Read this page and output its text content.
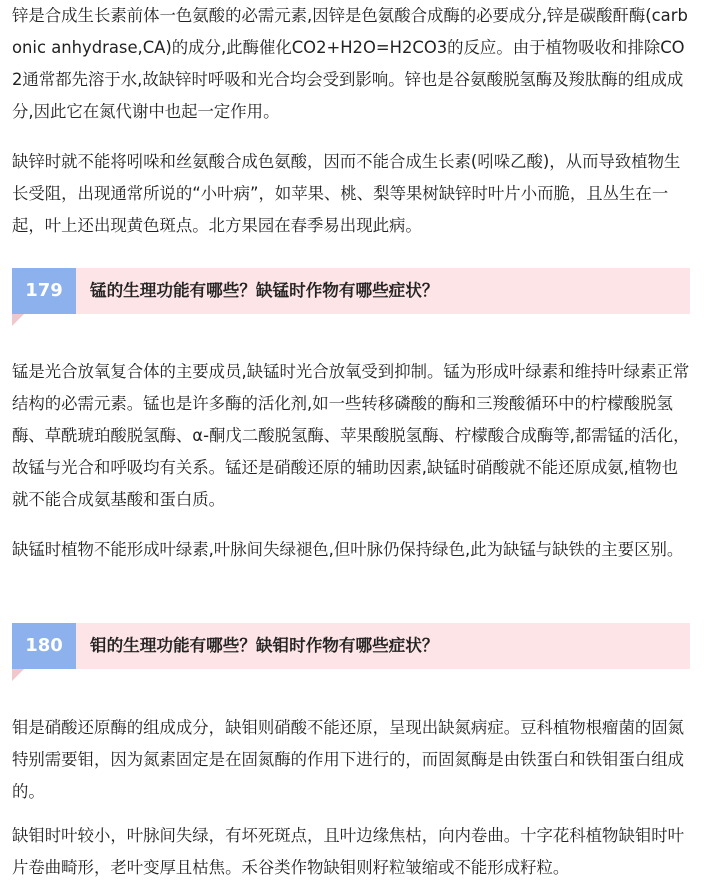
锌是合成生长素前体一色氨酸的必需元素,因锌是色氨酸合成酶的必要成分,锌是碳酸酐酶(carbonic anhydrase,CA)的成分,此酶催化CO2+H2O=H2CO3的反应。由于植物吸收和排除CO2通常都先溶于水,故缺锌时呼吸和光合均会受到影响。锌也是谷氨酸脱氢酶及羧肽酶的组成成分,因此它在氮代谢中也起一定作用。

缺锌时就不能将吲哚和丝氨酸合成色氨酸，因而不能合成生长素(吲哚乙酸)，从而导致植物生长受阻，出现通常所说的“小叶病”，如苹果、桃、梨等果树缺锌时叶片小而脆，且丛生在一起，叶上还出现黄色斑点。北方果园在春季易出现此病。

179	锰的生理功能有哪些？缺锰时作物有哪些症状？

锰是光合放氧复合体的主要成员,缺锰时光合放氧受到抑制。锰为形成叶绿素和维持叶绿素正常结构的必需元素。锰也是许多酶的活化剂,如一些转移磷酸的酶和三羧酸循环中的柠檬酸脱氢酶、草酰琥珀酸脱氢酶、α-酮戊二酸脱氢酶、苹果酸脱氢酶、柠檬酸合成酶等,都需锰的活化，故锰与光合和呼吸均有关系。锰还是硝酸还原的辅助因素,缺锰时硝酸就不能还原成氨,植物也就不能合成氨基酸和蛋白质。

缺锰时植物不能形成叶绿素,叶脉间失绿褪色,但叶脉仍保持绿色,此为缺锰与缺铁的主要区别。

180	钼的生理功能有哪些？缺钼时作物有哪些症状？

钼是硝酸还原酶的组成成分，缺钼则硝酸不能还原，呈现出缺氮病症。豆科植物根瘤菌的固氮特别需要钼，因为氮素固定是在固氮酶的作用下进行的，而固氮酶是由铁蛋白和铁钼蛋白组成的。

缺钼时叶较小，叶脉间失绿，有坏死斑点，且叶边缘焦枯，向内卷曲。十字花科植物缺钼时叶片卷曲畸形，老叶变厚且枯焦。禾谷类作物缺钼则籽粒皱缩或不能形成籽粒。
